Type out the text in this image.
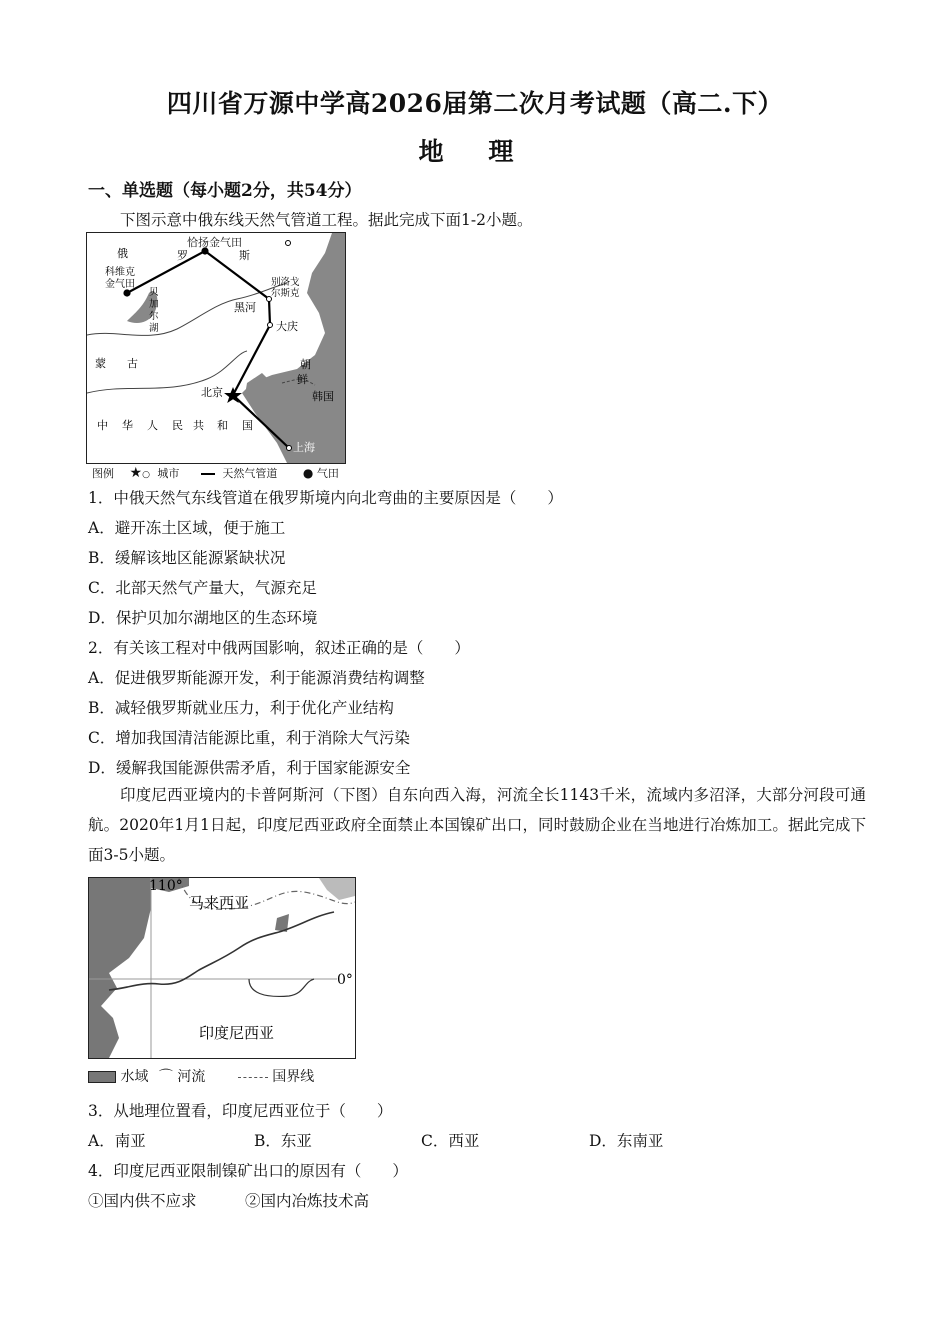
四川省万源中学高2026届第二次月考试题（高二.下）
地 理
一、单选题（每小题2分，共54分）
下图示意中俄东线天然气管道工程。据此完成下面1-2小题。
恰扬金气田
俄	罗	斯
科维克
金气田
贝
加
尔
湖
别洛戈
尔斯克
黑河
大庆
蒙 古
北京
朝
鲜
韩国
中 华 人 民 共 和 国
上海
图例 ★○ 城市	天然气管道 ● 气田
1．中俄天然气东线管道在俄罗斯境内向北弯曲的主要原因是（　　）
A．避开冻土区域，便于施工
B．缓解该地区能源紧缺状况
C．北部天然气产量大，气源充足
D．保护贝加尔湖地区的生态环境
2．有关该工程对中俄两国影响，叙述正确的是（　　）
A．促进俄罗斯能源开发，利于能源消费结构调整
B．减轻俄罗斯就业压力，利于优化产业结构
C．增加我国清洁能源比重，利于消除大气污染
D．缓解我国能源供需矛盾，利于国家能源安全
印度尼西亚境内的卡普阿斯河（下图）自东向西入海，河流全长1143千米，流域内多沼泽，大部分河段可通航。2020年1月1日起，印度尼西亚政府全面禁止本国镍矿出口，同时鼓励企业在当地进行冶炼加工。据此完成下面3-5小题。
110°
0°
马来西亚
印度尼西亚
水域 ⌒ 河流	国界线
3．从地理位置看，印度尼西亚位于（　　）
A．南亚	B．东亚	C．西亚	D．东南亚
4．印度尼西亚限制镍矿出口的原因有（　　）
①国内供不应求	②国内冶炼技术高
